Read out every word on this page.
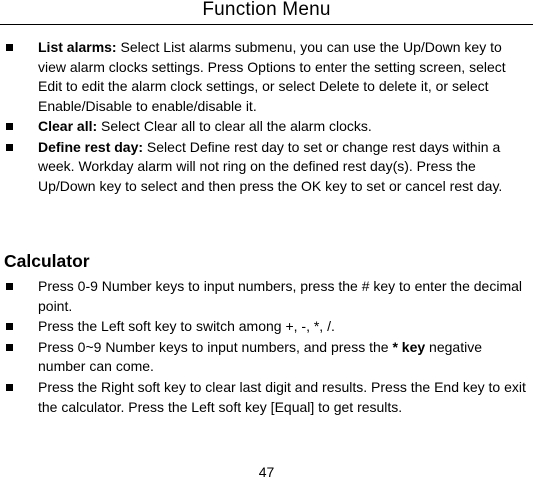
Function Menu
List alarms: Select List alarms submenu, you can use the Up/Down key to view alarm clocks settings. Press Options to enter the setting screen, select Edit to edit the alarm clock settings, or select Delete to delete it, or select Enable/Disable to enable/disable it.
Clear all: Select Clear all to clear all the alarm clocks.
Define rest day: Select Define rest day to set or change rest days within a week. Workday alarm will not ring on the defined rest day(s). Press the Up/Down key to select and then press the OK key to set or cancel rest day.
Calculator
Press 0-9 Number keys to input numbers, press the # key to enter the decimal point.
Press the Left soft key to switch among +, -, *, /.
Press 0~9 Number keys to input numbers, and press the * key negative number can come.
Press the Right soft key to clear last digit and results. Press the End key to exit the calculator. Press the Left soft key [Equal] to get results.
47
